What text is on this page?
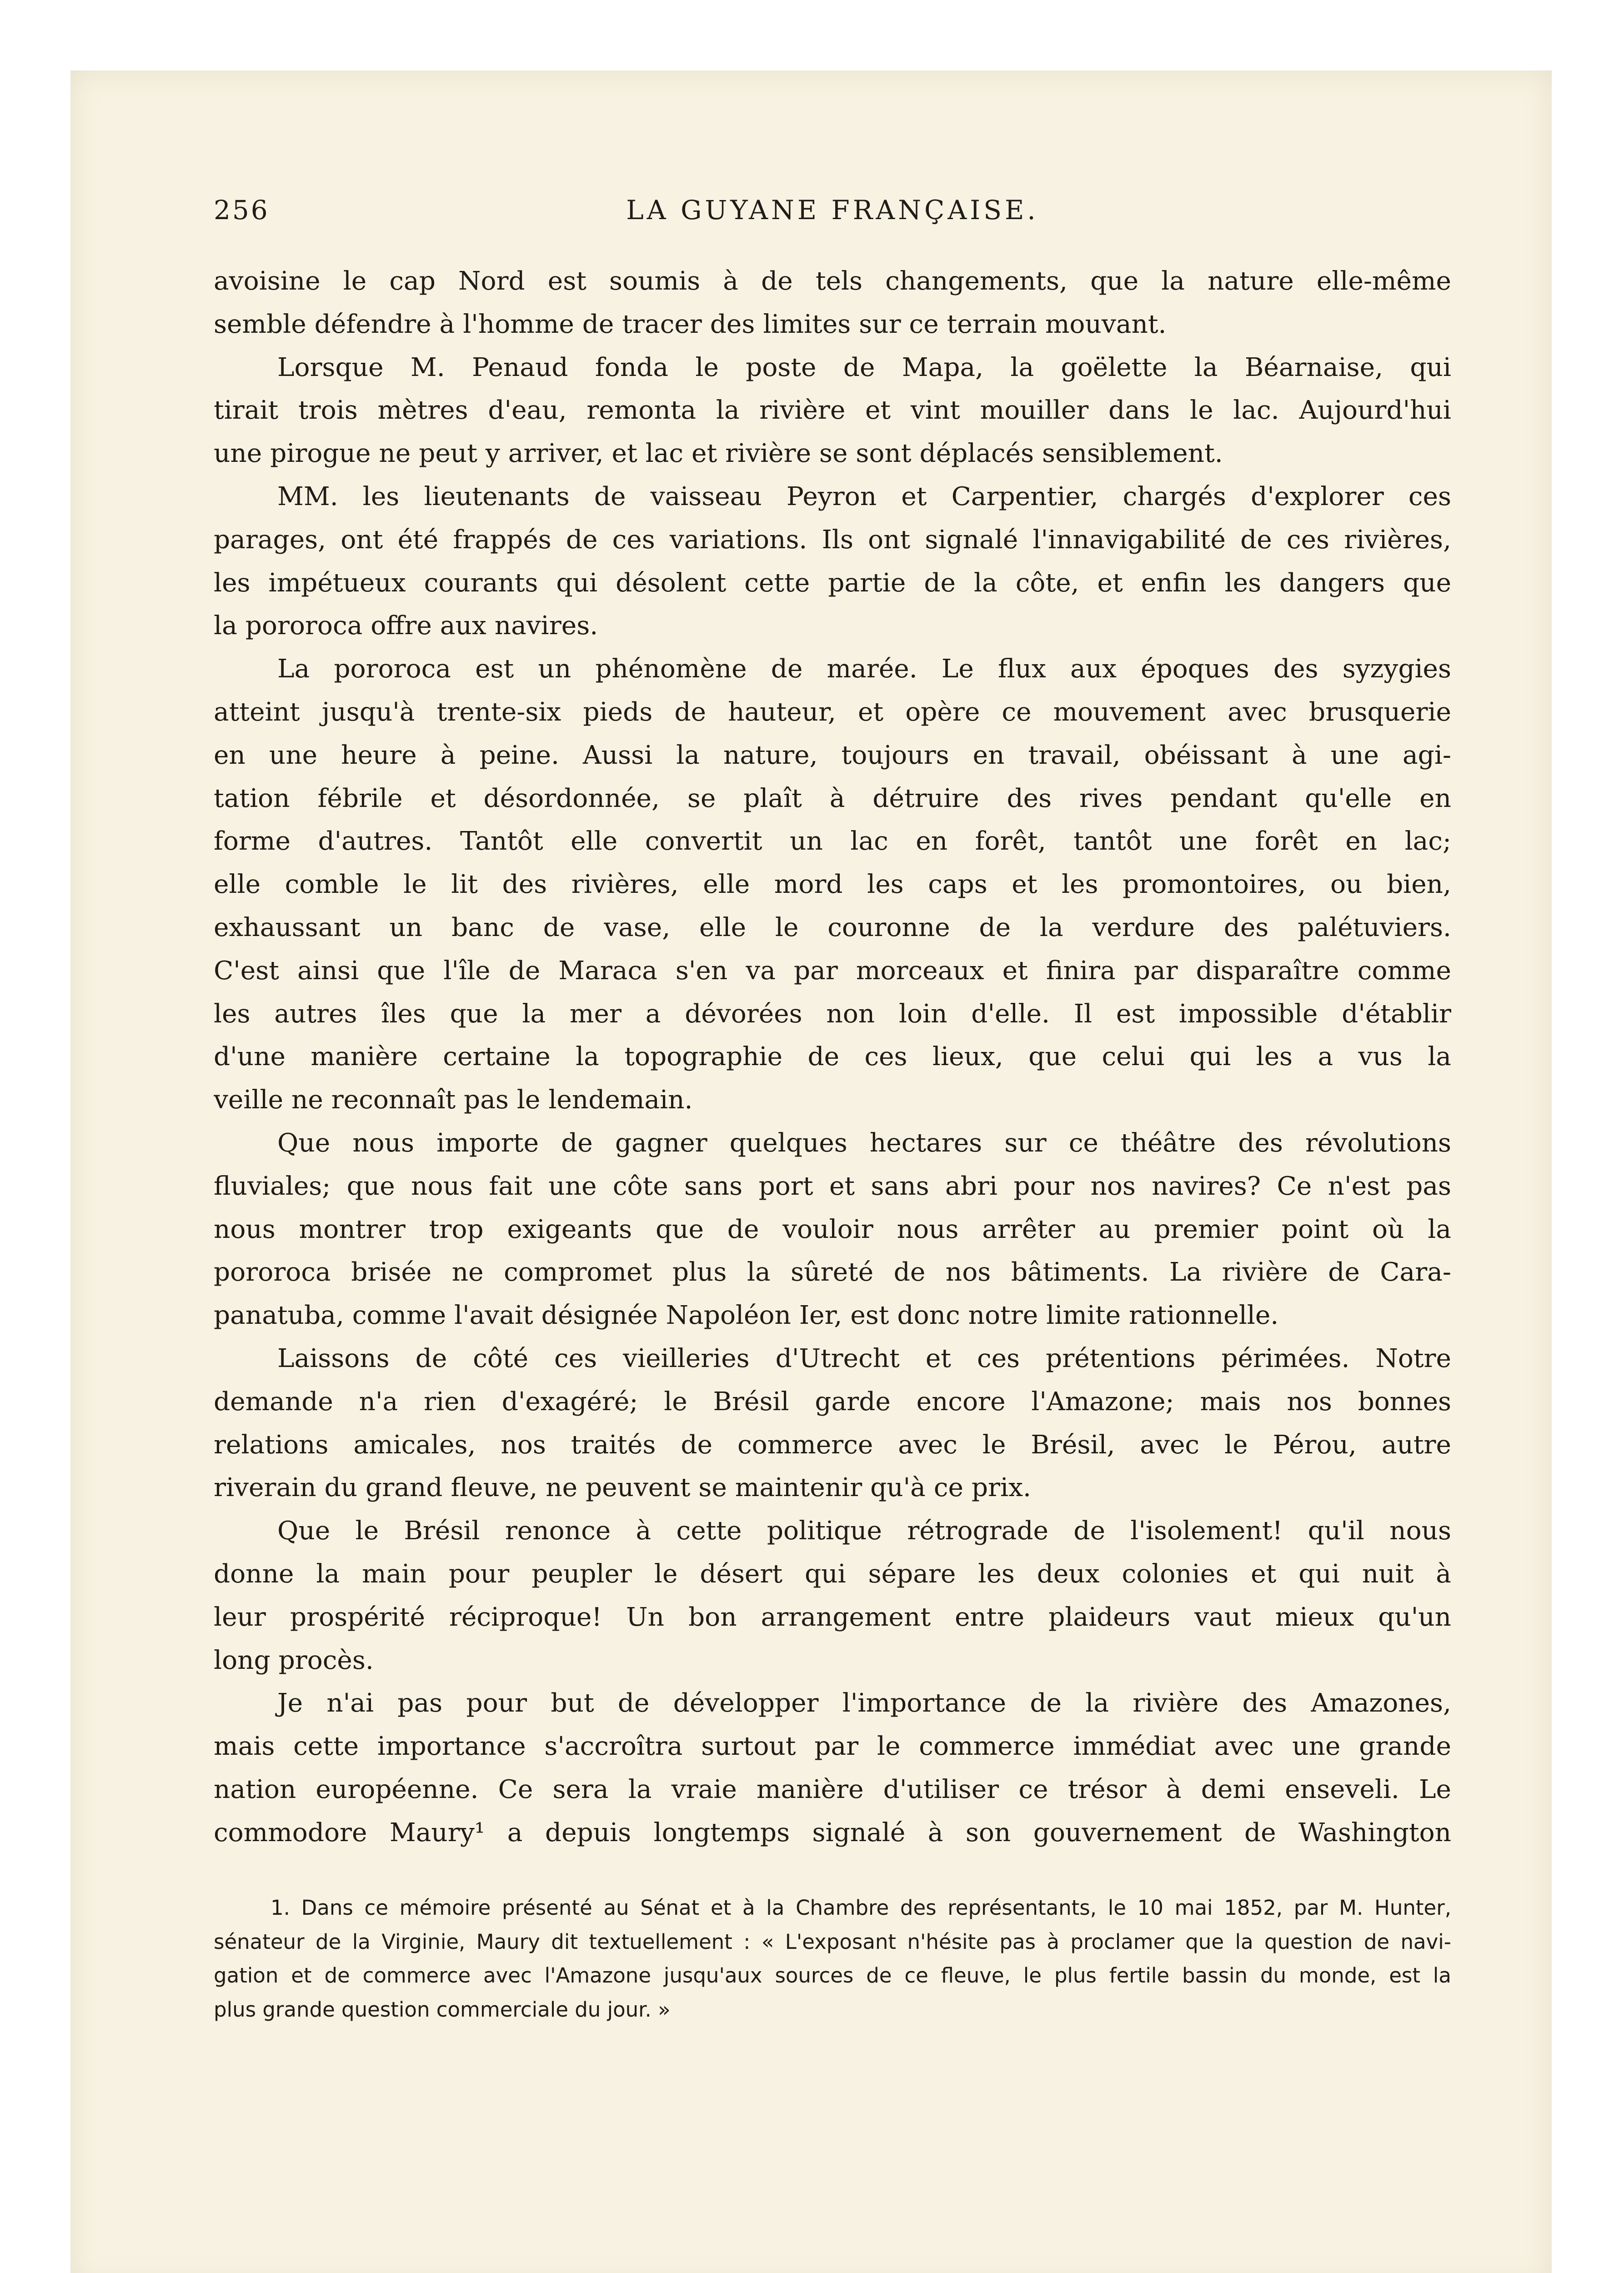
256	LA GUYANE FRANÇAISE.
avoisine le cap Nord est soumis à de tels changements, que la nature elle-même
semble défendre à l'homme de tracer des limites sur ce terrain mouvant.
Lorsque M. Penaud fonda le poste de Mapa, la goëlette la Béarnaise, qui
tirait trois mètres d'eau, remonta la rivière et vint mouiller dans le lac. Aujourd'hui
une pirogue ne peut y arriver, et lac et rivière se sont déplacés sensiblement.
MM. les lieutenants de vaisseau Peyron et Carpentier, chargés d'explorer ces
parages, ont été frappés de ces variations. Ils ont signalé l'innavigabilité de ces rivières,
les impétueux courants qui désolent cette partie de la côte, et enfin les dangers que
la pororoca offre aux navires.
La pororoca est un phénomène de marée. Le flux aux époques des syzygies
atteint jusqu'à trente-six pieds de hauteur, et opère ce mouvement avec brusquerie
en une heure à peine. Aussi la nature, toujours en travail, obéissant à une agi-
tation fébrile et désordonnée, se plaît à détruire des rives pendant qu'elle en
forme d'autres. Tantôt elle convertit un lac en forêt, tantôt une forêt en lac;
elle comble le lit des rivières, elle mord les caps et les promontoires, ou bien,
exhaussant un banc de vase, elle le couronne de la verdure des palétuviers.
C'est ainsi que l'île de Maraca s'en va par morceaux et finira par disparaître comme
les autres îles que la mer a dévorées non loin d'elle. Il est impossible d'établir
d'une manière certaine la topographie de ces lieux, que celui qui les a vus la
veille ne reconnaît pas le lendemain.
Que nous importe de gagner quelques hectares sur ce théâtre des révolutions
fluviales; que nous fait une côte sans port et sans abri pour nos navires? Ce n'est pas
nous montrer trop exigeants que de vouloir nous arrêter au premier point où la
pororoca brisée ne compromet plus la sûreté de nos bâtiments. La rivière de Cara-
panatuba, comme l'avait désignée Napoléon Ier, est donc notre limite rationnelle.
Laissons de côté ces vieilleries d'Utrecht et ces prétentions périmées. Notre
demande n'a rien d'exagéré; le Brésil garde encore l'Amazone; mais nos bonnes
relations amicales, nos traités de commerce avec le Brésil, avec le Pérou, autre
riverain du grand fleuve, ne peuvent se maintenir qu'à ce prix.
Que le Brésil renonce à cette politique rétrograde de l'isolement! qu'il nous
donne la main pour peupler le désert qui sépare les deux colonies et qui nuit à
leur prospérité réciproque! Un bon arrangement entre plaideurs vaut mieux qu'un
long procès.
Je n'ai pas pour but de développer l'importance de la rivière des Amazones,
mais cette importance s'accroîtra surtout par le commerce immédiat avec une grande
nation européenne. Ce sera la vraie manière d'utiliser ce trésor à demi enseveli. Le
commodore Maury¹ a depuis longtemps signalé à son gouvernement de Washington
1. Dans ce mémoire présenté au Sénat et à la Chambre des représentants, le 10 mai 1852, par M. Hunter,
sénateur de la Virginie, Maury dit textuellement : « L'exposant n'hésite pas à proclamer que la question de navi-
gation et de commerce avec l'Amazone jusqu'aux sources de ce fleuve, le plus fertile bassin du monde, est la
plus grande question commerciale du jour. »
